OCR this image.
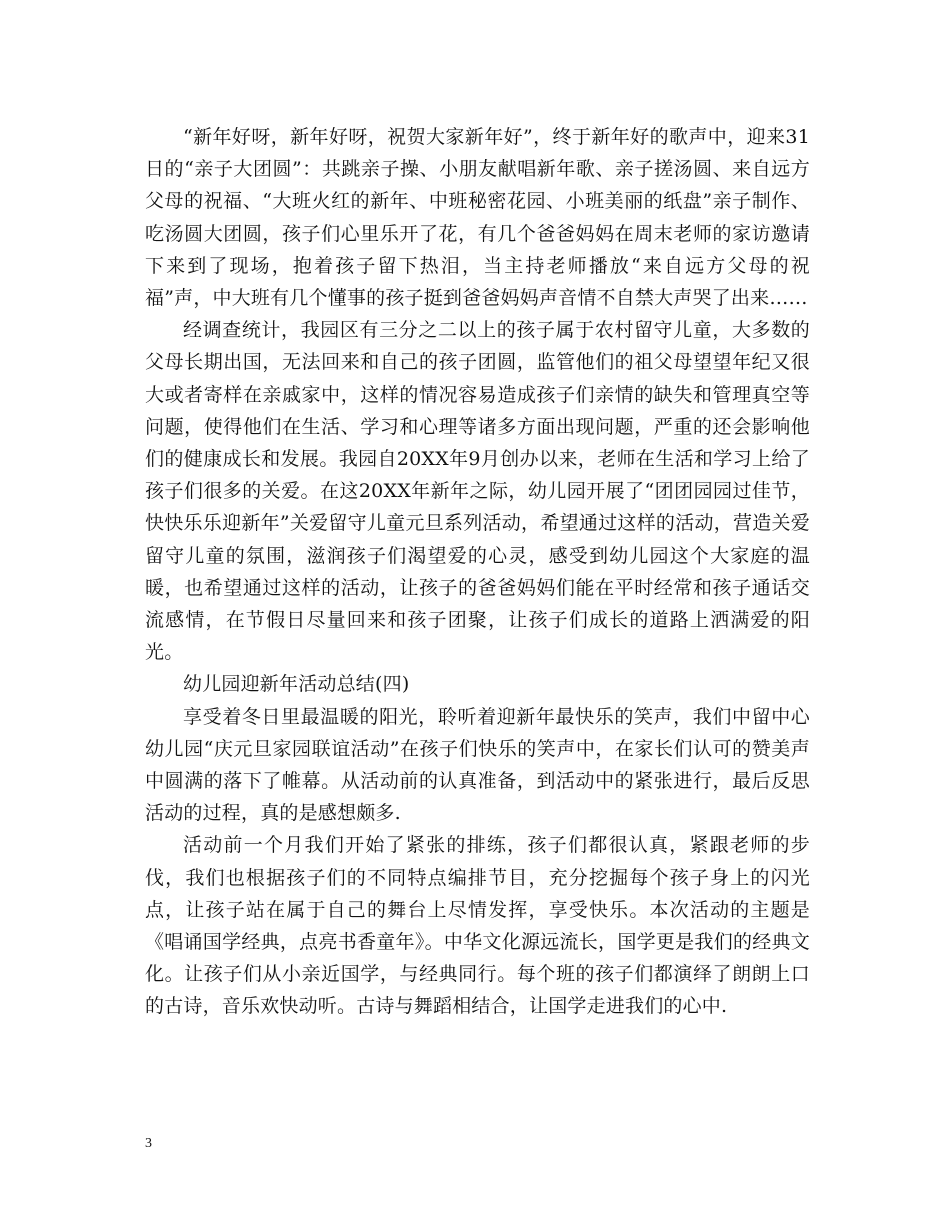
“新年好呀，新年好呀，祝贺大家新年好”，终于新年好的歌声中，迎来31日的“亲子大团圆”：共跳亲子操、小朋友献唱新年歌、亲子搓汤圆、来自远方父母的祝福、“大班火红的新年、中班秘密花园、小班美丽的纸盘”亲子制作、吃汤圆大团圆，孩子们心里乐开了花，有几个爸爸妈妈在周末老师的家访邀请下来到了现场，抱着孩子留下热泪，当主持老师播放“来自远方父母的祝福”声，中大班有几个懂事的孩子挺到爸爸妈妈声音情不自禁大声哭了出来……

经调查统计，我园区有三分之二以上的孩子属于农村留守儿童，大多数的父母长期出国，无法回来和自己的孩子团圆，监管他们的祖父母望望年纪又很大或者寄样在亲戚家中，这样的情况容易造成孩子们亲情的缺失和管理真空等问题，使得他们在生活、学习和心理等诸多方面出现问题，严重的还会影响他们的健康成长和发展。我园自20XX年9月创办以来，老师在生活和学习上给了孩子们很多的关爱。在这20XX年新年之际，幼儿园开展了“团团园园过佳节，快快乐乐迎新年”关爱留守儿童元旦系列活动，希望通过这样的活动，营造关爱留守儿童的氛围，滋润孩子们渴望爱的心灵，感受到幼儿园这个大家庭的温暖，也希望通过这样的活动，让孩子的爸爸妈妈们能在平时经常和孩子通话交流感情，在节假日尽量回来和孩子团聚，让孩子们成长的道路上洒满爱的阳光。

幼儿园迎新年活动总结(四)

享受着冬日里最温暖的阳光，聆听着迎新年最快乐的笑声，我们中留中心幼儿园“庆元旦家园联谊活动”在孩子们快乐的笑声中，在家长们认可的赞美声中圆满的落下了帷幕。从活动前的认真准备，到活动中的紧张进行，最后反思活动的过程，真的是感想颇多.

活动前一个月我们开始了紧张的排练，孩子们都很认真，紧跟老师的步伐，我们也根据孩子们的不同特点编排节目，充分挖掘每个孩子身上的闪光点，让孩子站在属于自己的舞台上尽情发挥，享受快乐。本次活动的主题是《唱诵国学经典，点亮书香童年》。中华文化源远流长，国学更是我们的经典文化。让孩子们从小亲近国学，与经典同行。每个班的孩子们都演绎了朗朗上口的古诗，音乐欢快动听。古诗与舞蹈相结合，让国学走进我们的心中.

3
